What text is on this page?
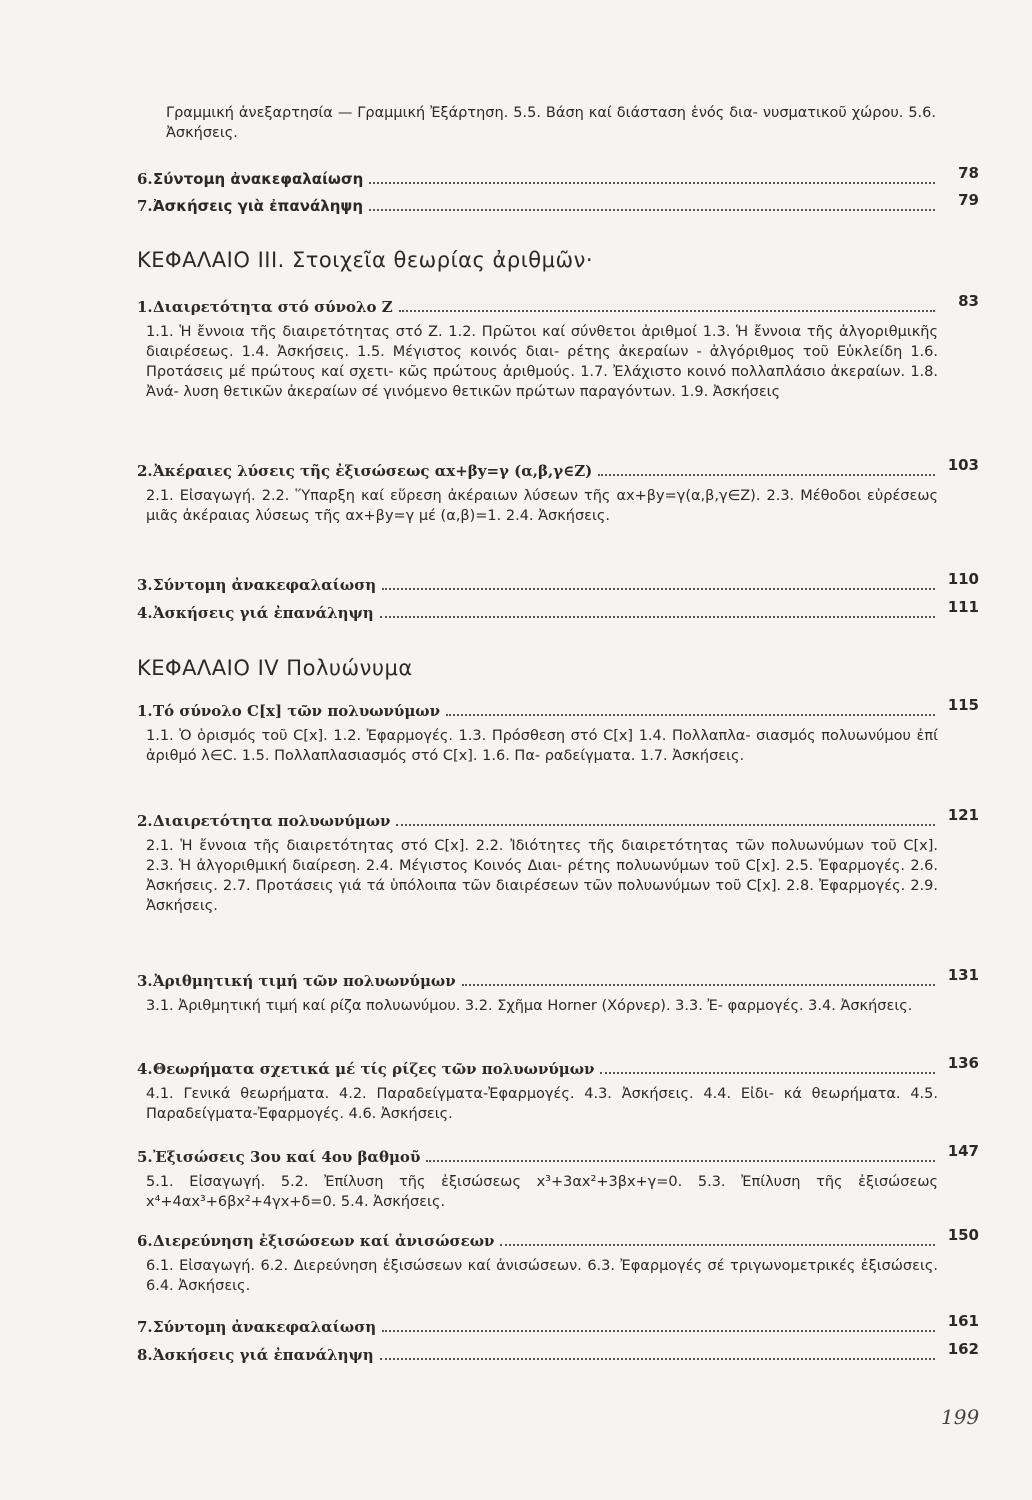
Γραμμική ἀνεξαρτησία — Γραμμική Ἐξάρτηση. 5.5. Βάση καί διάσταση ἑνός δια- νυσματικοῦ χώρου. 5.6. Ἀσκήσεις.
6. Σύντομη ἀνακεφαλαίωση	78
7. Ἀσκήσεις γιὰ ἐπανάληψη	79
ΚΕΦΑΛΑΙΟ ΙΙΙ. Στοιχεῖα θεωρίας ἀριθμῶν·
1. Διαιρετότητα στό σύνολο Z	83
1.1. Ἡ ἔννοια τῆς διαιρετότητας στό Z. 1.2. Πρῶτοι καί σύνθετοι ἀριθμοί 1.3. Ἡ ἔννοια τῆς ἀλγοριθμικῆς διαιρέσεως. 1.4. Ἀσκήσεις. 1.5. Μέγιστος κοινός διαι- ρέτης ἀκεραίων - ἀλγόριθμος τοῦ Εὐκλείδη 1.6. Προτάσεις μέ πρώτους καί σχετι- κῶς πρώτους ἀριθμούς. 1.7. Ἐλάχιστο κοινό πολλαπλάσιο ἀκεραίων. 1.8. Ἀνά- λυση θετικῶν ἀκεραίων σέ γινόμενο θετικῶν πρώτων παραγόντων. 1.9. Ἀσκήσεις
2. Ἀκέραιες λύσεις τῆς ἐξισώσεως αx+βy=γ (α,β,γ∈Z)	103
2.1. Εἰσαγωγή. 2.2. Ὕπαρξη καί εὕρεση ἀκέραιων λύσεων τῆς αx+βy=γ(α,β,γ∈Z). 2.3. Μέθοδοι εὑρέσεως μιᾶς ἀκέραιας λύσεως τῆς αx+βy=γ μέ (α,β)=1. 2.4. Ἀσκήσεις.
3. Σύντομη ἀνακεφαλαίωση	110
4. Ἀσκήσεις γιά ἐπανάληψη	111
ΚΕΦΑΛΑΙΟ IV Πολυώνυμα
1. Τό σύνολο C[x] τῶν πολυωνύμων	115
1.1. Ὁ ὁρισμός τοῦ C[x]. 1.2. Ἐφαρμογές. 1.3. Πρόσθεση στό C[x] 1.4. Πολλαπλα- σιασμός πολυωνύμου ἐπί ἀριθμό λ∈C. 1.5. Πολλαπλασιασμός στό C[x]. 1.6. Πα- ραδείγματα. 1.7. Ἀσκήσεις.
2. Διαιρετότητα πολυωνύμων	121
2.1. Ἡ ἔννοια τῆς διαιρετότητας στό C[x]. 2.2. Ἰδιότητες τῆς διαιρετότητας τῶν πολυωνύμων τοῦ C[x]. 2.3. Ἡ ἀλγοριθμική διαίρεση. 2.4. Μέγιστος Κοινός Διαι- ρέτης πολυωνύμων τοῦ C[x]. 2.5. Ἐφαρμογές. 2.6. Ἀσκήσεις. 2.7. Προτάσεις γιά τά ὑπόλοιπα τῶν διαιρέσεων τῶν πολυωνύμων τοῦ C[x]. 2.8. Ἐφαρμογές. 2.9. Ἀσκήσεις.
3. Ἀριθμητική τιμή τῶν πολυωνύμων	131
3.1. Ἀριθμητική τιμή καί ρίζα πολυωνύμου. 3.2. Σχῆμα Horner (Χόρνερ). 3.3. Ἐ- φαρμογές. 3.4. Ἀσκήσεις.
4. Θεωρήματα σχετικά μέ τίς ρίζες τῶν πολυωνύμων	136
4.1. Γενικά θεωρήματα. 4.2. Παραδείγματα-Ἐφαρμογές. 4.3. Ἀσκήσεις. 4.4. Εἰδι- κά θεωρήματα. 4.5. Παραδείγματα-Ἐφαρμογές. 4.6. Ἀσκήσεις.
5. Ἐξισώσεις 3ου καί 4ου βαθμοῦ	147
5.1. Εἰσαγωγή. 5.2. Ἐπίλυση τῆς ἐξισώσεως x³+3αx²+3βx+γ=0. 5.3. Ἐπίλυση τῆς ἐξισώσεως x⁴+4αx³+6βx²+4γx+δ=0. 5.4. Ἀσκήσεις.
6. Διερεύνηση ἐξισώσεων καί ἀνισώσεων	150
6.1. Εἰσαγωγή. 6.2. Διερεύνηση ἐξισώσεων καί ἀνισώσεων. 6.3. Ἐφαρμογές σέ τριγωνομετρικές ἐξισώσεις. 6.4. Ἀσκήσεις.
7. Σύντομη ἀνακεφαλαίωση	161
8. Ἀσκήσεις γιά ἐπανάληψη	162
199
